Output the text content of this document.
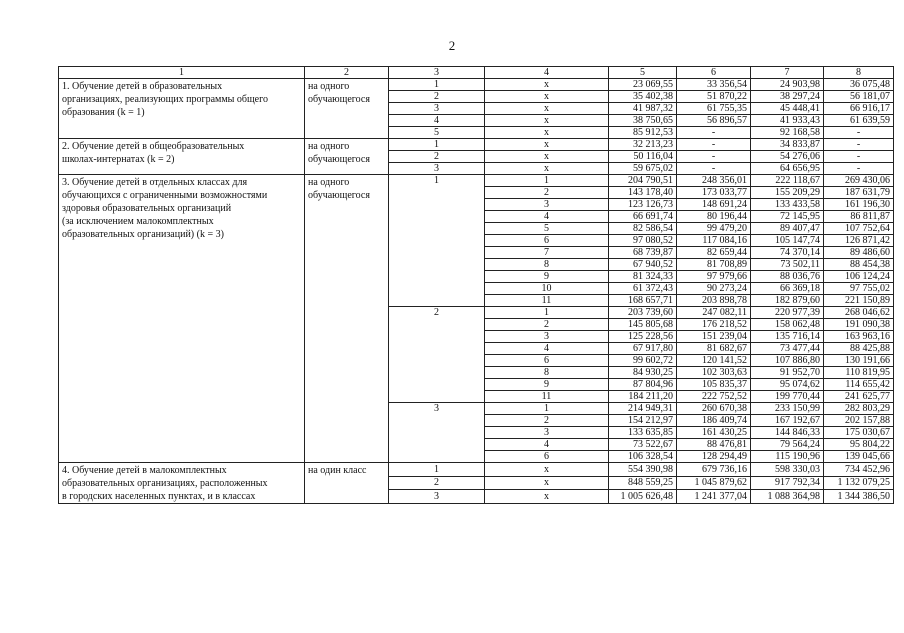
2
1	2	3	4	5	6	7	8

1. Обучение детей в образовательных
организациях, реализующих программы общего
образования (k = 1)	на одного
обучающегося	1	x	23 069,55	33 356,54	24 903,98	36 075,48
		2	x	35 402,38	51 870,22	38 297,24	56 181,07
		3	x	41 987,32	61 755,35	45 448,41	66 916,17
		4	x	38 750,65	56 896,57	41 933,43	61 639,59
		5	x	85 912,53	-	92 168,58	-

2. Обучение детей в общеобразовательных
школах-интернатах (k = 2)	на одного
обучающегося	1	x	32 213,23	-	34 833,87	-
		2	x	50 116,04	-	54 276,06	-
		3	x	59 675,02	-	64 656,95	-

3. Обучение детей в отдельных классах для
обучающихся с ограниченными возможностями
здоровья образовательных организаций
(за исключением малокомплектных
образовательных организаций) (k = 3)	на одного
обучающегося	1	1	204 790,51	248 356,01	222 118,67	269 430,06
			2	143 178,40	173 033,77	155 209,29	187 631,79
			3	123 126,73	148 691,24	133 433,58	161 196,30
			4	66 691,74	80 196,44	72 145,95	86 811,87
			5	82 586,54	99 479,20	89 407,47	107 752,64
			6	97 080,52	117 084,16	105 147,74	126 871,42
			7	68 739,87	82 659,44	74 370,14	89 486,60
			8	67 940,52	81 708,89	73 502,11	88 454,38
			9	81 324,33	97 979,66	88 036,76	106 124,24
			10	61 372,43	90 273,24	66 369,18	97 755,02
			11	168 657,71	203 898,78	182 879,60	221 150,89
		2	1	203 739,60	247 082,11	220 977,39	268 046,62
			2	145 805,68	176 218,52	158 062,48	191 090,38
			3	125 228,56	151 239,04	135 716,14	163 963,16
			4	67 917,80	81 682,67	73 477,44	88 425,88
			6	99 602,72	120 141,52	107 886,80	130 191,66
			8	84 930,25	102 303,63	91 952,70	110 819,95
			9	87 804,96	105 835,37	95 074,62	114 655,42
			11	184 211,20	222 752,52	199 770,44	241 625,77
		3	1	214 949,31	260 670,38	233 150,99	282 803,29
			2	154 212,97	186 409,74	167 192,67	202 157,88
			3	133 635,85	161 430,25	144 846,33	175 030,67
			4	73 522,67	88 476,81	79 564,24	95 804,22
			6	106 328,54	128 294,49	115 190,96	139 045,66

4. Обучение детей в малокомплектных
образовательных организациях, расположенных
в городских населенных пунктах, и в классах	на один класс	1	x	554 390,98	679 736,16	598 330,03	734 452,96
		2	x	848 559,25	1 045 879,62	917 792,34	1 132 079,25
		3	x	1 005 626,48	1 241 377,04	1 088 364,98	1 344 386,50
